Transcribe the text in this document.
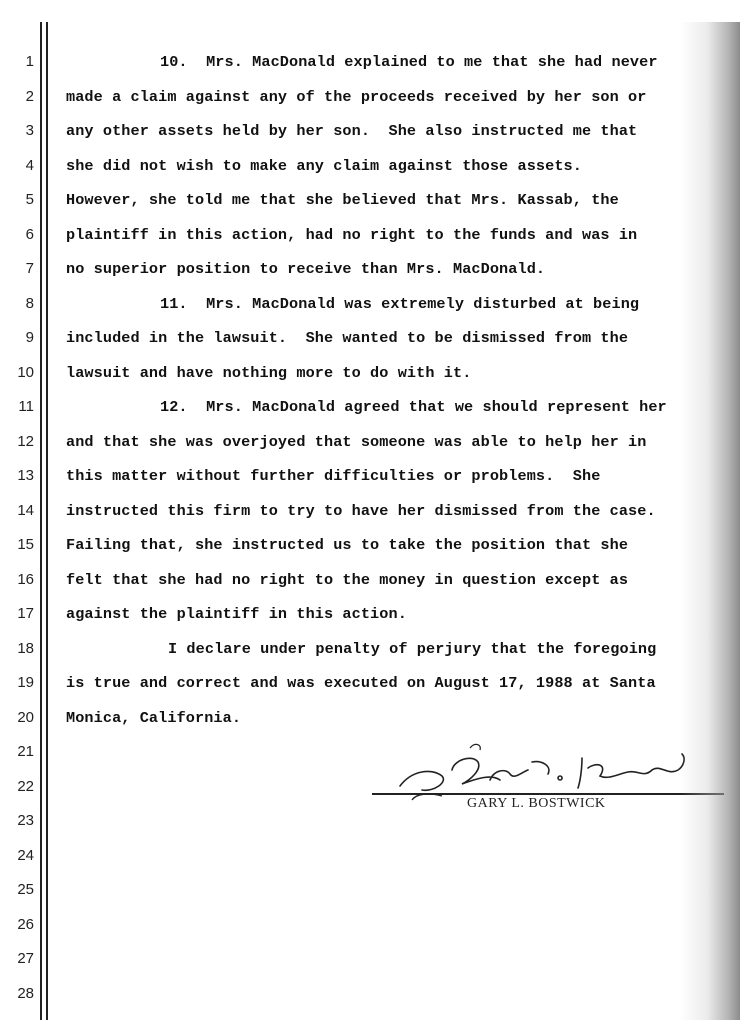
1
2
3
4
5
6
7
8
9
10
11
12
13
14
15
16
17
18
19
20
21
22
23
24
25
26
27
28
10.  Mrs. MacDonald explained to me that she had never
made a claim against any of the proceeds received by her son or
any other assets held by her son.  She also instructed me that
she did not wish to make any claim against those assets.
However, she told me that she believed that Mrs. Kassab, the
plaintiff in this action, had no right to the funds and was in
no superior position to receive than Mrs. MacDonald.
11.  Mrs. MacDonald was extremely disturbed at being
included in the lawsuit.  She wanted to be dismissed from the
lawsuit and have nothing more to do with it.
12.  Mrs. MacDonald agreed that we should represent her
and that she was overjoyed that someone was able to help her in
this matter without further difficulties or problems.  She
instructed this firm to try to have her dismissed from the case.
Failing that, she instructed us to take the position that she
felt that she had no right to the money in question except as
against the plaintiff in this action.
I declare under penalty of perjury that the foregoing
is true and correct and was executed on August 17, 1988 at Santa
Monica, California.
GARY L. BOSTWICK
